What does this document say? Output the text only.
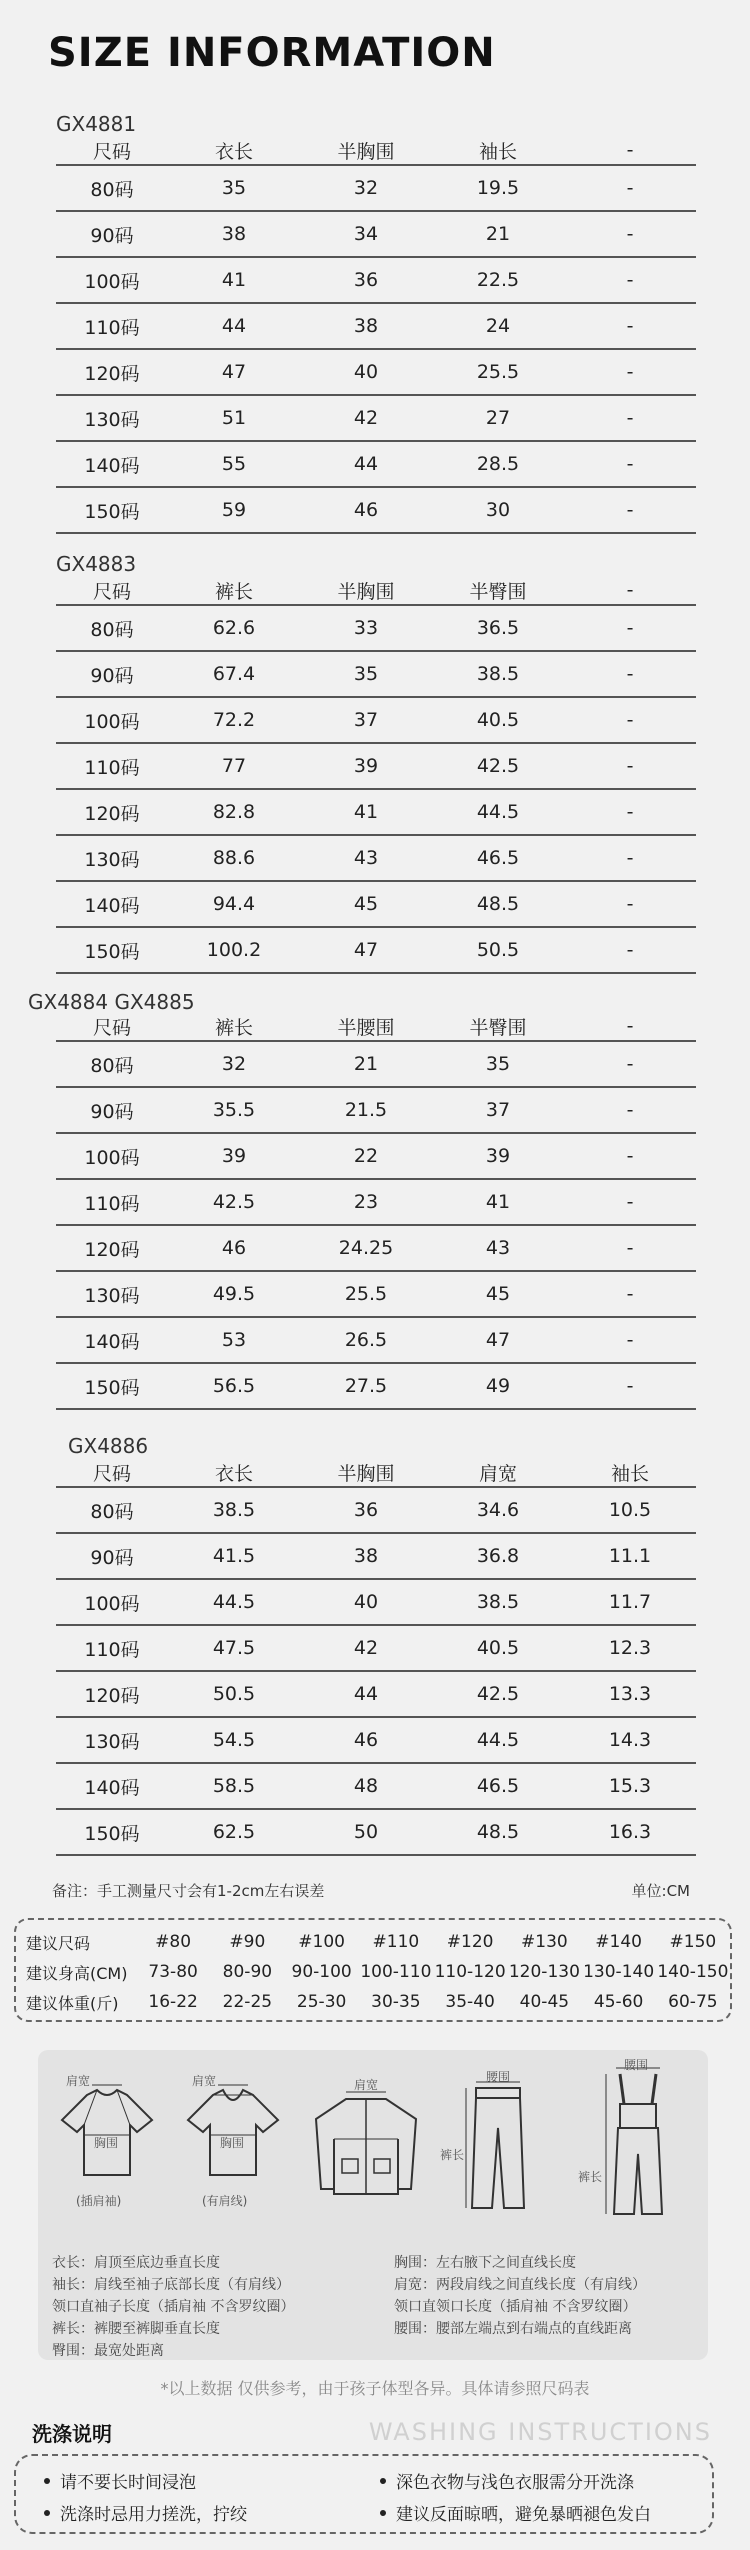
SIZE INFORMATION
GX4881
尺码	衣长	半胸围	袖长	-
80码	35	32	19.5	-
90码	38	34	21	-
100码	41	36	22.5	-
110码	44	38	24	-
120码	47	40	25.5	-
130码	51	42	27	-
140码	55	44	28.5	-
150码	59	46	30	-
GX4883
尺码	裤长	半胸围	半臀围	-
80码	62.6	33	36.5	-
90码	67.4	35	38.5	-
100码	72.2	37	40.5	-
110码	77	39	42.5	-
120码	82.8	41	44.5	-
130码	88.6	43	46.5	-
140码	94.4	45	48.5	-
150码	100.2	47	50.5	-
GX4884 GX4885
尺码	裤长	半腰围	半臀围	-
80码	32	21	35	-
90码	35.5	21.5	37	-
100码	39	22	39	-
110码	42.5	23	41	-
120码	46	24.25	43	-
130码	49.5	25.5	45	-
140码	53	26.5	47	-
150码	56.5	27.5	49	-
GX4886
尺码	衣长	半胸围	肩宽	袖长
80码	38.5	36	34.6	10.5
90码	41.5	38	36.8	11.1
100码	44.5	40	38.5	11.7
110码	47.5	42	40.5	12.3
120码	50.5	44	42.5	13.3
130码	54.5	46	44.5	14.3
140码	58.5	48	46.5	15.3
150码	62.5	50	48.5	16.3
备注：手工测量尺寸会有1-2cm左右误差	单位:CM
建议尺码	#80	#90	#100	#110	#120	#130	#140	#150
建议身高(CM)	73-80	80-90	90-100 100-110 110-120 120-130 130-140 140-150
建议体重(斤)	16-22	22-25	25-30	30-35	35-40	40-45	45-60	60-75
肩宽
胸围
(插肩袖)
肩宽
胸围
(有肩线)
肩宽
腰围
裤长
腰围
裤长
衣长：肩顶至底边垂直长度
袖长：肩线至袖子底部长度（有肩线）
领口直袖子长度（插肩袖 不含罗纹圈）
裤长：裤腰至裤脚垂直长度
臀围：最宽处距离
胸围：左右腋下之间直线长度
肩宽：两段肩线之间直线长度（有肩线）
领口直领口长度（插肩袖 不含罗纹圈）
腰围：腰部左端点到右端点的直线距离
*以上数据 仅供参考，由于孩子体型各异。具体请参照尺码表
洗涤说明	WASHING INSTRUCTIONS
请不要长时间浸泡	深色衣物与浅色衣服需分开洗涤
洗涤时忌用力搓洗，拧绞	建议反面晾晒，避免暴晒褪色发白
